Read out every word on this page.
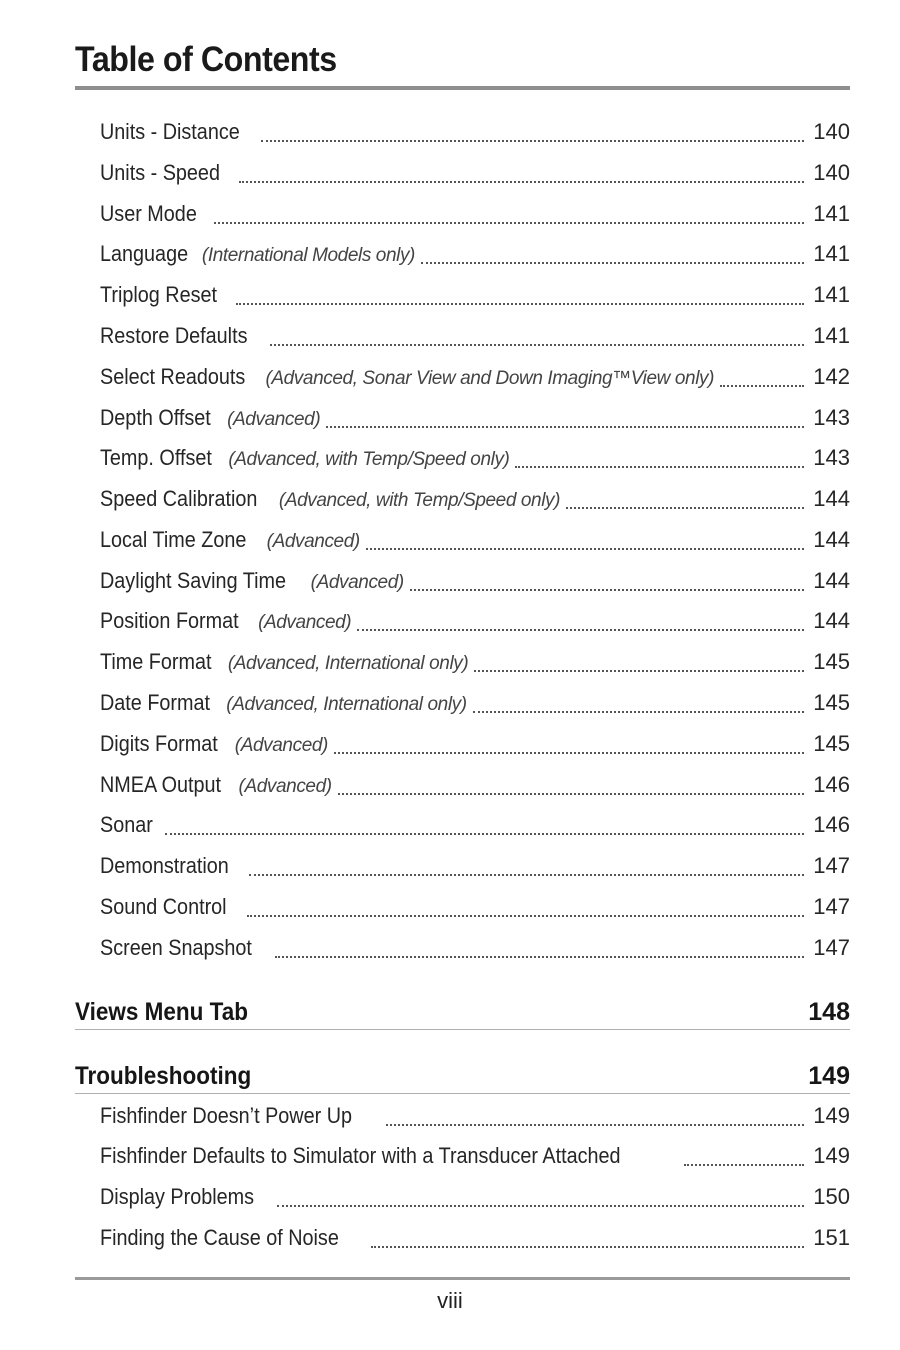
Table of Contents
Units - Distance	140
Units - Speed	140
User Mode	141
Language (International Models only)	141
Triplog Reset	141
Restore Defaults	141
Select Readouts (Advanced, Sonar View and Down Imaging™View only)	142
Depth Offset (Advanced)	143
Temp. Offset (Advanced, with Temp/Speed only)	143
Speed Calibration (Advanced, with Temp/Speed only)	144
Local Time Zone (Advanced)	144
Daylight Saving Time (Advanced)	144
Position Format (Advanced)	144
Time Format (Advanced, International only)	145
Date Format (Advanced, International only)	145
Digits Format (Advanced)	145
NMEA Output (Advanced)	146
Sonar	146
Demonstration	147
Sound Control	147
Screen Snapshot	147
Views Menu Tab	148
Troubleshooting	149
Fishfinder Doesn’t Power Up	149
Fishfinder Defaults to Simulator with a Transducer Attached	149
Display Problems	150
Finding the Cause of Noise	151
viii
